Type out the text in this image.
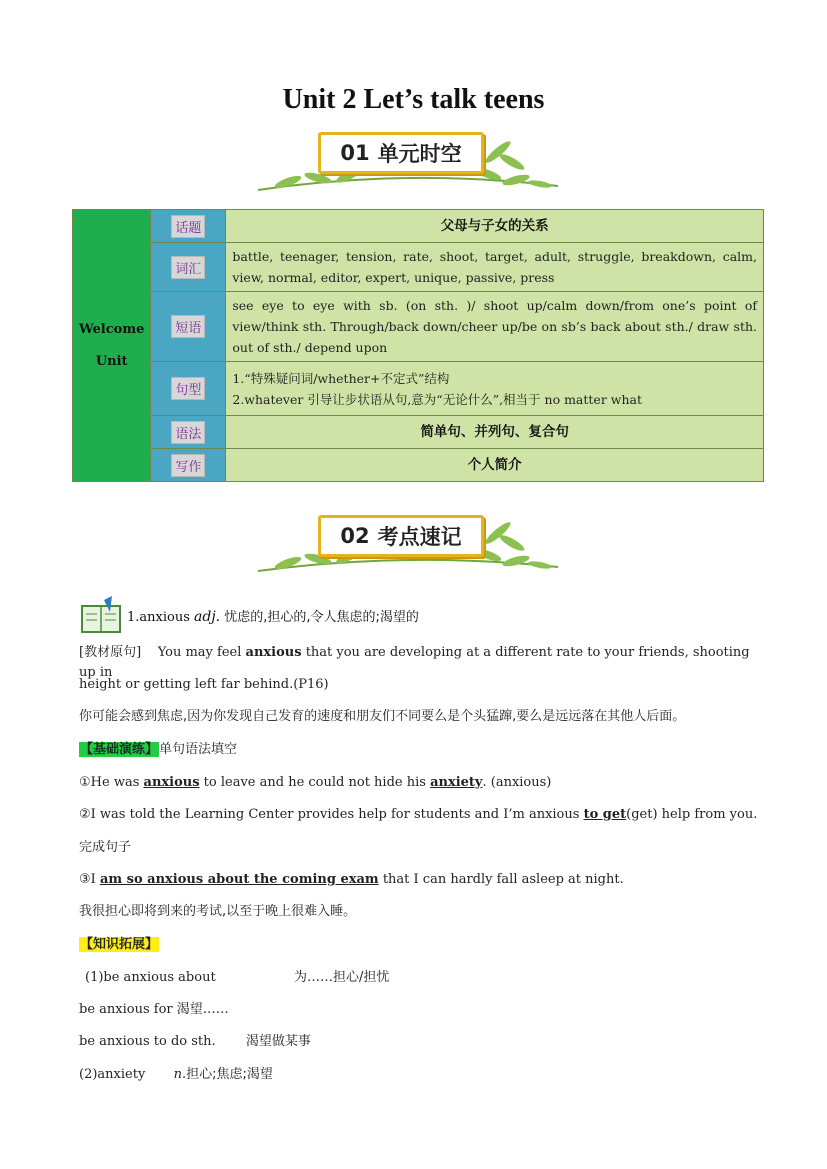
Unit 2 Let’s talk teens
01 单元时空
Welcome
Unit	话题	父母与子女的关系
	词汇	battle, teenager, tension, rate, shoot, target, adult, struggle, breakdown, calm, view, normal, editor, expert, unique, passive, press
	短语	see eye to eye with sb. (on sth. )/ shoot up/calm down/from one’s point of view/think sth. Through/back down/cheer up/be on sb’s back about sth./ draw sth. out of sth./ depend upon
	句型	1.“特殊疑问词/whether+不定式”结构
2.whatever 引导让步状语从句,意为“无论什么”,相当于 no matter what

	语法	简单句、并列句、复合句
	写作	个人简介
02 考点速记
1.anxious adj. 忧虑的,担心的,令人焦虑的;渴望的
[教材原句] You may feel anxious that you are developing at a different rate to your friends, shooting up in
height or getting left far behind.(P16)
你可能会感到焦虑,因为你发现自己发育的速度和朋友们不同要么是个头猛蹿,要么是远远落在其他人后面。
【基础演练】单句语法填空
①He was anxious to leave and he could not hide his anxiety. (anxious)
②I was told the Learning Center provides help for students and I’m anxious to get(get) help from you.
完成句子
③I am so anxious about the coming exam that I can hardly fall asleep at night.
我很担心即将到来的考试,以至于晚上很难入睡。
【知识拓展】
(1)be anxious about	为……担心/担忧
be anxious for 渴望……
be anxious to do sth. 渴望做某事
(2)anxiety n.担心;焦虑;渴望
